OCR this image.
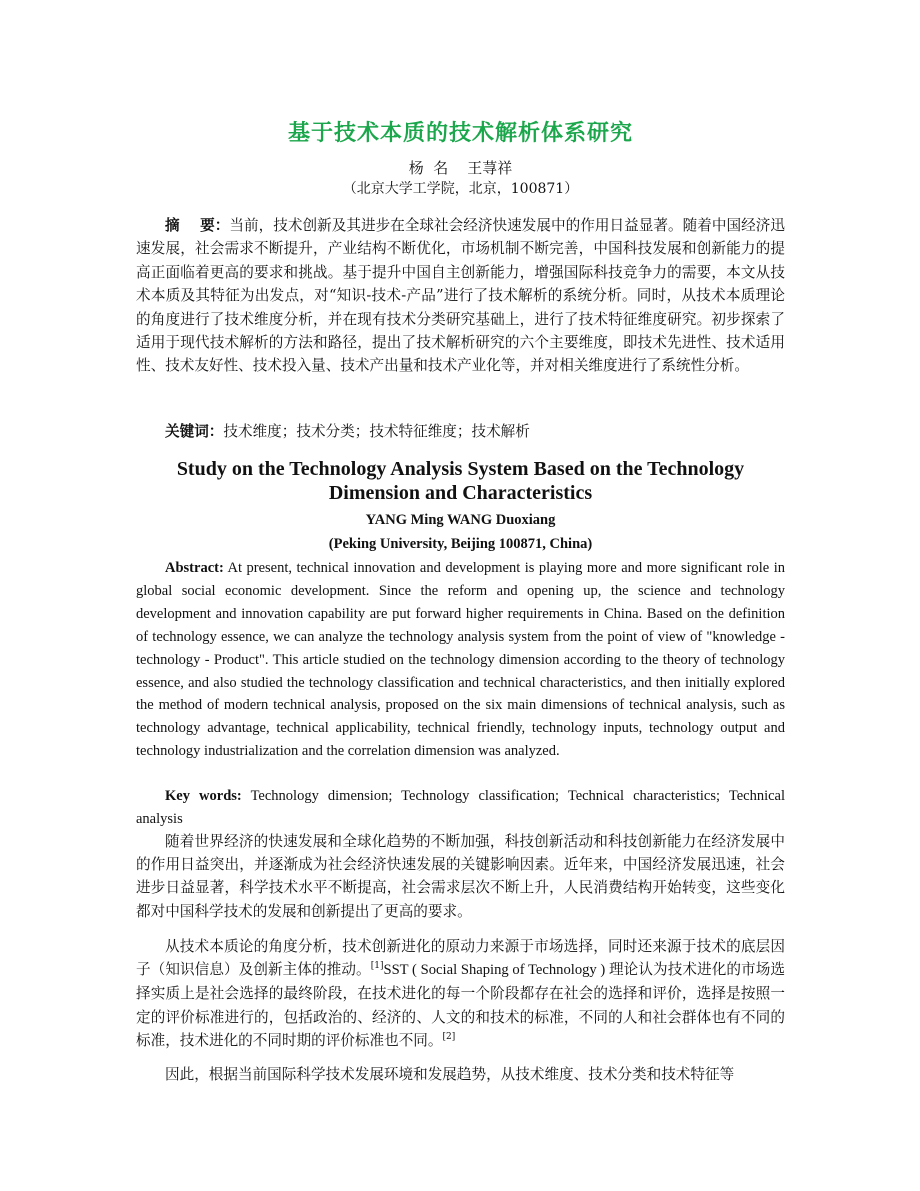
基于技术本质的技术解析体系研究
杨  名    王荨祥
（北京大学工学院，北京，100871）
摘    要：当前，技术创新及其进步在全球社会经济快速发展中的作用日益显著。随着中国经济迅速发展，社会需求不断提升，产业结构不断优化，市场机制不断完善，中国科技发展和创新能力的提高正面临着更高的要求和挑战。基于提升中国自主创新能力，增强国际科技竞争力的需要，本文从技术本质及其特征为出发点，对“知识-技术-产品”进行了技术解析的系统分析。同时，从技术本质理论的角度进行了技术维度分析，并在现有技术分类研究基础上，进行了技术特征维度研究。初步探索了适用于现代技术解析的方法和路径，提出了技术解析研究的六个主要维度，即技术先进性、技术适用性、技术友好性、技术投入量、技术产出量和技术产业化等，并对相关维度进行了系统性分析。
关键词：技术维度；技术分类；技术特征维度；技术解析
Study on the Technology Analysis System Based on the Technology Dimension and Characteristics
YANG Ming WANG Duoxiang
(Peking University, Beijing 100871, China)
Abstract: At present, technical innovation and development is playing more and more significant role in global social economic development. Since the reform and opening up, the science and technology development and innovation capability are put forward higher requirements in China. Based on the definition of technology essence, we can analyze the technology analysis system from the point of view of "knowledge - technology - Product". This article studied on the technology dimension according to the theory of technology essence, and also studied the technology classification and technical characteristics, and then initially explored the method of modern technical analysis, proposed on the six main dimensions of technical analysis, such as technology advantage, technical applicability, technical friendly, technology inputs, technology output and technology industrialization and the correlation dimension was analyzed.
Key words: Technology dimension; Technology classification; Technical characteristics; Technical analysis
随着世界经济的快速发展和全球化趋势的不断加强，科技创新活动和科技创新能力在经济发展中的作用日益突出，并逐渐成为社会经济快速发展的关键影响因素。近年来，中国经济发展迅速，社会进步日益显著，科学技术水平不断提高，社会需求层次不断上升，人民消费结构开始转变，这些变化都对中国科学技术的发展和创新提出了更高的要求。
从技术本质论的角度分析，技术创新进化的原动力来源于市场选择，同时还来源于技术的底层因子（知识信息）及创新主体的推动。[1]SST ( Social Shaping of Technology ) 理论认为技术进化的市场选择实质上是社会选择的最终阶段，在技术进化的每一个阶段都存在社会的选择和评价，选择是按照一定的评价标准进行的，包括政治的、经济的、人文的和技术的标准，不同的人和社会群体也有不同的标准，技术进化的不同时期的评价标准也不同。[2]
因此，根据当前国际科学技术发展环境和发展趋势，从技术维度、技术分类和技术特征等
